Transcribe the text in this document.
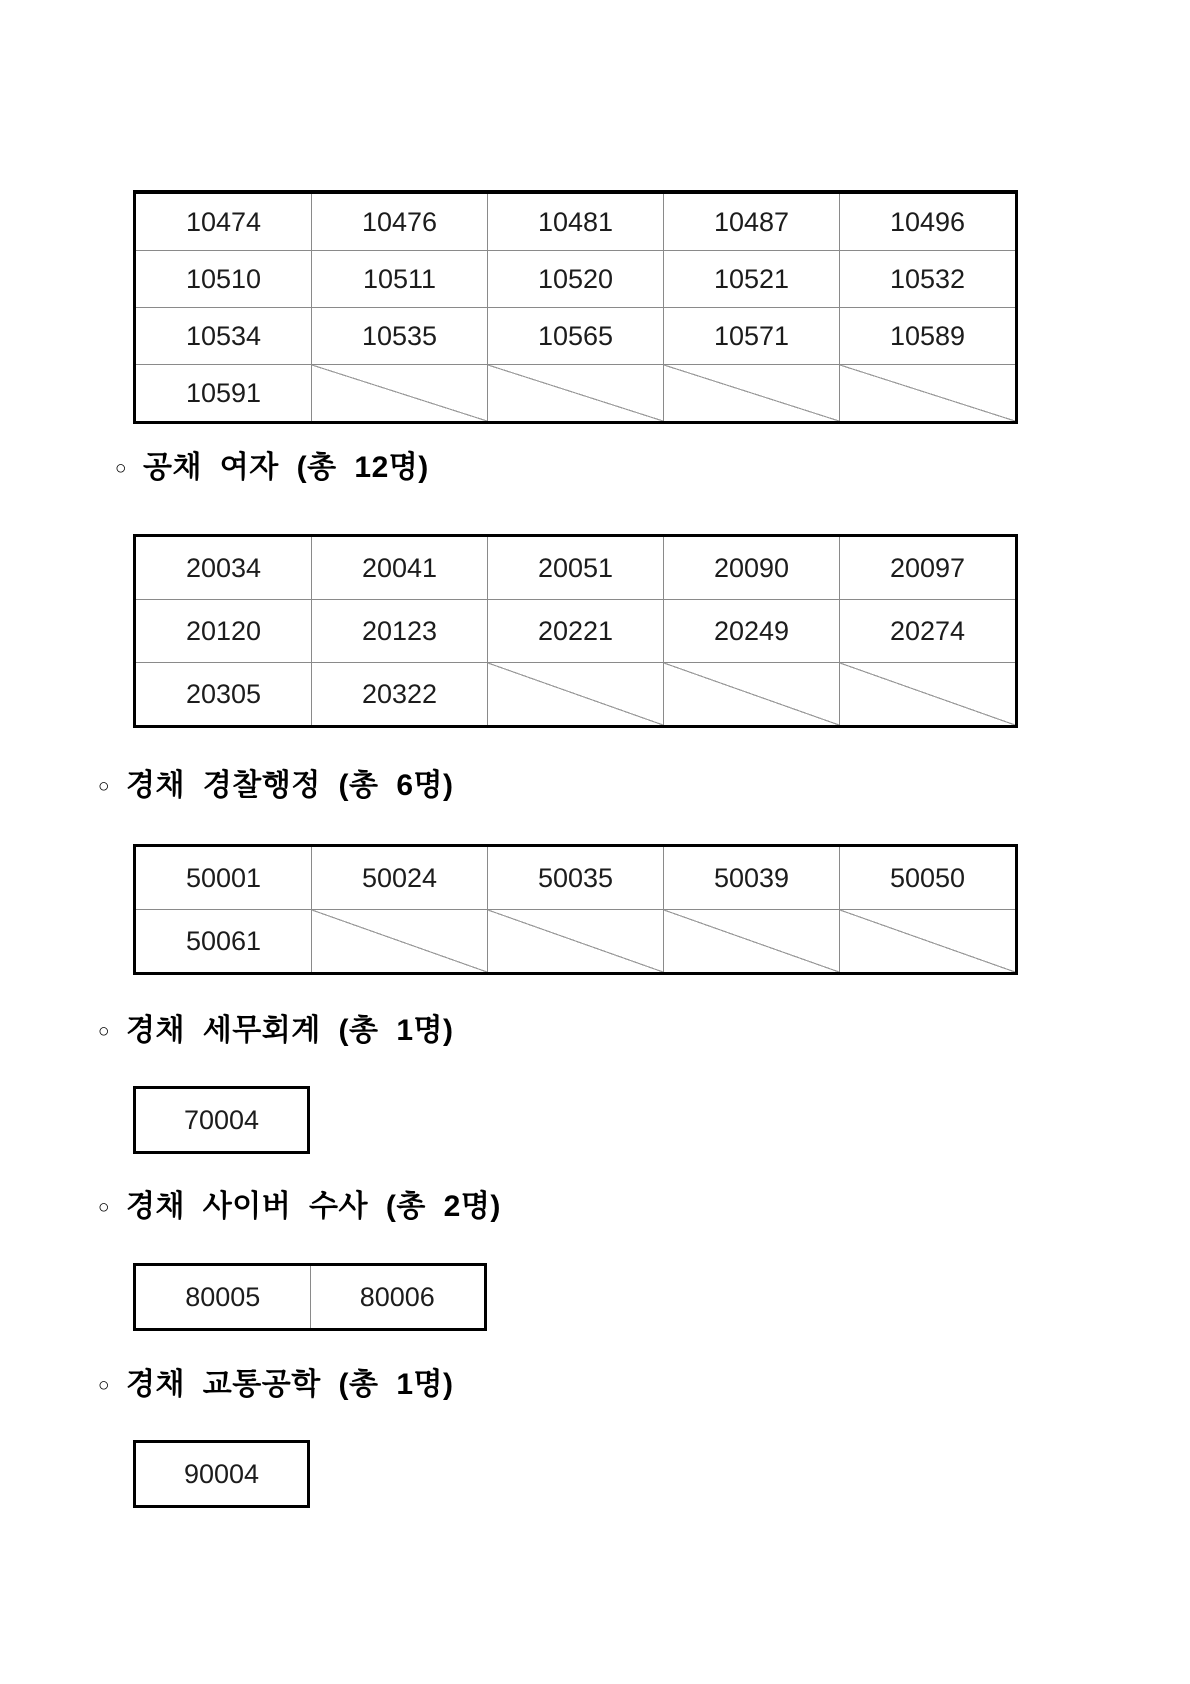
10474	10476	10481	10487	10496
10510	10511	10520	10521	10532
10534	10535	10565	10571	10589
10591
○ 공채 여자 (총 12명)
20034	20041	20051	20090	20097
20120	20123	20221	20249	20274
20305	20322
○ 경채 경찰행정 (총 6명)
50001	50024	50035	50039	50050
50061
○ 경채 세무회계 (총 1명)
70004
○ 경채 사이버 수사 (총 2명)
80005	80006
○ 경채 교통공학 (총 1명)
90004
